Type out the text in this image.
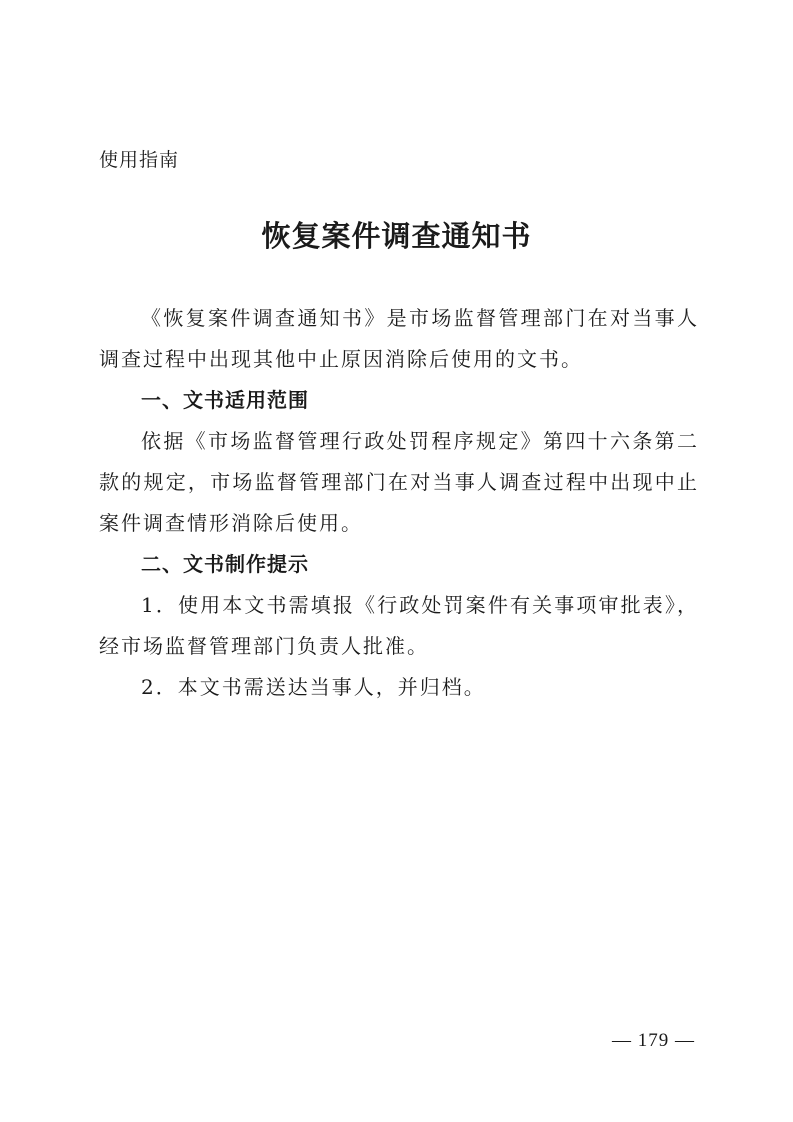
使用指南
恢复案件调查通知书

《恢复案件调查通知书》是市场监督管理部门在对当事人调查过程中出现其他中止原因消除后使用的文书。

一、文书适用范围

依据《市场监督管理行政处罚程序规定》第四十六条第二款的规定，市场监督管理部门在对当事人调查过程中出现中止案件调查情形消除后使用。

二、文书制作提示

1．使用本文书需填报《行政处罚案件有关事项审批表》，经市场监督管理部门负责人批准。

2．本文书需送达当事人，并归档。

— 179 —
